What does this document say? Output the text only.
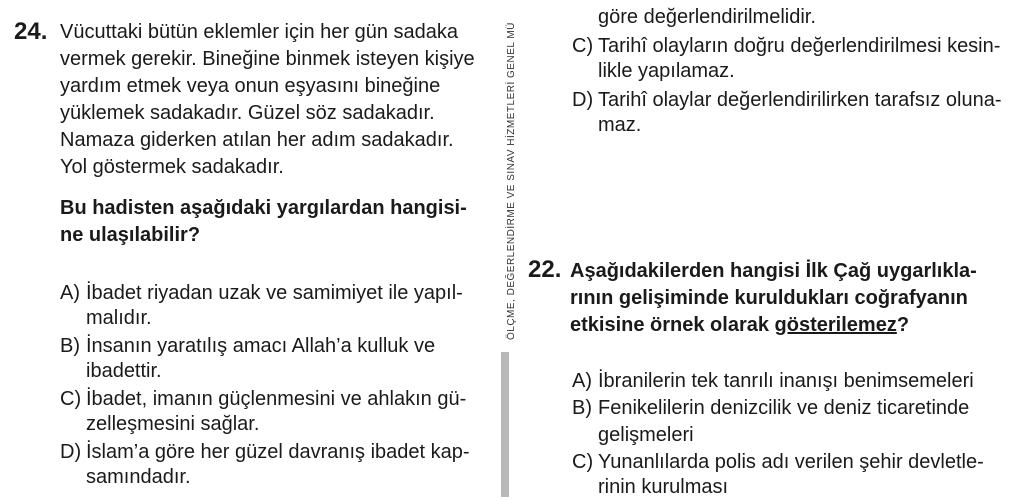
24. Vücuttaki bütün eklemler için her gün sadaka
vermek gerekir. Bineğine binmek isteyen kişiye
yardım etmek veya onun eşyasını bineğine
yüklemek sadakadır. Güzel söz sadakadır.
Namaza giderken atılan her adım sadakadır.
Yol göstermek sadakadır.
Bu hadisten aşağıdaki yargılardan hangisi-
ne ulaşılabilir?
A) İbadet riyadan uzak ve samimiyet ile yapıl-
malıdır.
B) İnsanın yaratılış amacı Allah’a kulluk ve
ibadettir.
C) İbadet, imanın güçlenmesini ve ahlakın gü-
zelleşmesini sağlar.
D) İslam’a göre her güzel davranış ibadet kap-
samındadır.
ÖLÇME, DEĞERLENDİRME VE SINAV HİZMETLERİ GENEL MÜ
göre değerlendirilmelidir.
C) Tarihî olayların doğru değerlendirilmesi kesin-
likle yapılamaz.
D) Tarihî olaylar değerlendirilirken tarafsız oluna-
maz.
22. Aşağıdakilerden hangisi İlk Çağ uygarlıkla-
rının gelişiminde kuruldukları coğrafyanın
etkisine örnek olarak gösterilemez?
A) İbranilerin tek tanrılı inanışı benimsemeleri
B) Fenikelilerin denizcilik ve deniz ticaretinde
gelişmeleri
C) Yunanlılarda polis adı verilen şehir devletle-
rinin kurulması
